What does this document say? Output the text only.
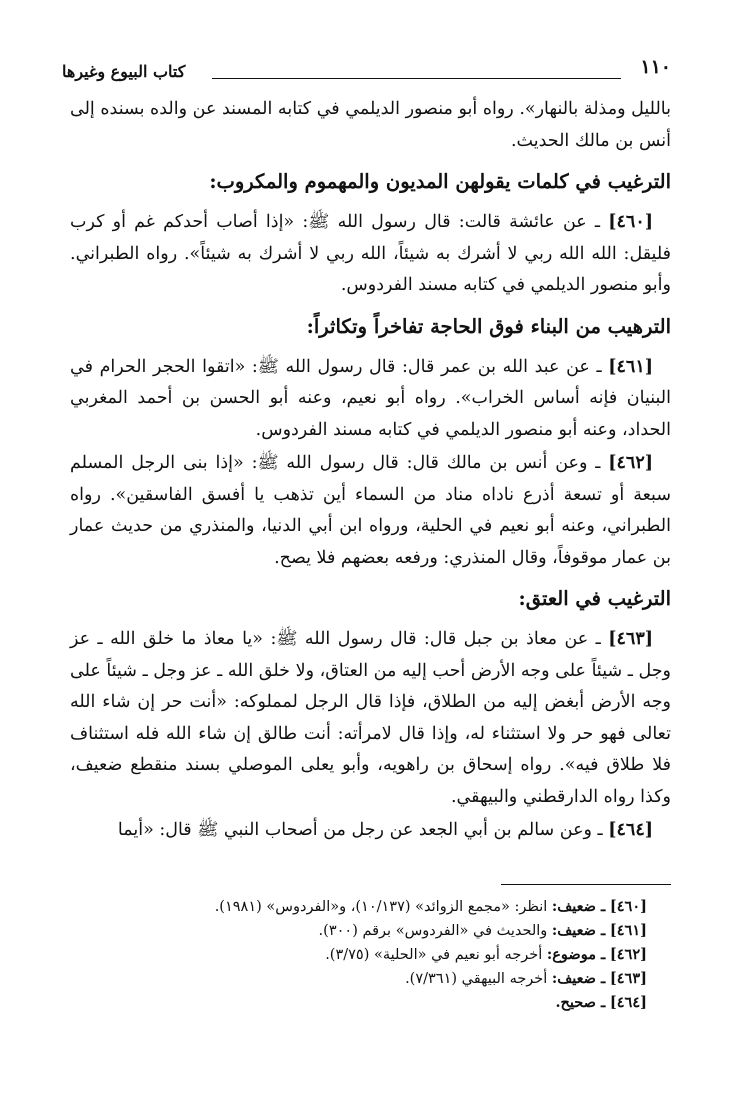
١١٠
كتاب البيوع وغيرها

بالليل ومذلة بالنهار». رواه أبو منصور الديلمي في كتابه المسند عن والده بسنده إلى أنس بن مالك الحديث.

الترغيب في كلمات يقولهن المديون والمهموم والمكروب:

[٤٦٠] ـ عن عائشة قالت: قال رسول الله ﷺ: «إذا أصاب أحدكم غم أو كرب فليقل: الله الله ربي لا أشرك به شيئاً، الله ربي لا أشرك به شيئاً». رواه الطبراني. وأبو منصور الديلمي في كتابه مسند الفردوس.

الترهيب من البناء فوق الحاجة تفاخراً وتكاثراً:

[٤٦١] ـ عن عبد الله بن عمر قال: قال رسول الله ﷺ: «اتقوا الحجر الحرام في البنيان فإنه أساس الخراب». رواه أبو نعيم، وعنه أبو الحسن بن أحمد المغربي الحداد، وعنه أبو منصور الديلمي في كتابه مسند الفردوس.

[٤٦٢] ـ وعن أنس بن مالك قال: قال رسول الله ﷺ: «إذا بنى الرجل المسلم سبعة أو تسعة أذرع ناداه مناد من السماء أين تذهب يا أفسق الفاسقين». رواه الطبراني، وعنه أبو نعيم في الحلية، ورواه ابن أبي الدنيا، والمنذري من حديث عمار بن عمار موقوفاً، وقال المنذري: ورفعه بعضهم فلا يصح.

الترغيب في العتق:

[٤٦٣] ـ عن معاذ بن جبل قال: قال رسول الله ﷺ: «يا معاذ ما خلق الله ـ عز وجل ـ شيئاً على وجه الأرض أحب إليه من العتاق، ولا خلق الله ـ عز وجل ـ شيئاً على وجه الأرض أبغض إليه من الطلاق، فإذا قال الرجل لمملوكه: «أنت حر إن شاء الله تعالى فهو حر ولا استثناء له، وإذا قال لامرأته: أنت طالق إن شاء الله فله استثناف فلا طلاق فيه». رواه إسحاق بن راهويه، وأبو يعلى الموصلي بسند منقطع ضعيف، وكذا رواه الدارقطني والبيهقي.

[٤٦٤] ـ وعن سالم بن أبي الجعد عن رجل من أصحاب النبي ﷺ قال: «أيما

[٤٦٠] ـ ضعيف: انظر: «مجمع الزوائد» (١٠/١٣٧)، و«الفردوس» (١٩٨١).

[٤٦١] ـ ضعيف: والحديث في «الفردوس» برقم (٣٠٠).

[٤٦٢] ـ موضوع: أخرجه أبو نعيم في «الحلية» (٣/٧٥).

[٤٦٣] ـ ضعيف: أخرجه البيهقي (٧/٣٦١).

[٤٦٤] ـ صحيح.
